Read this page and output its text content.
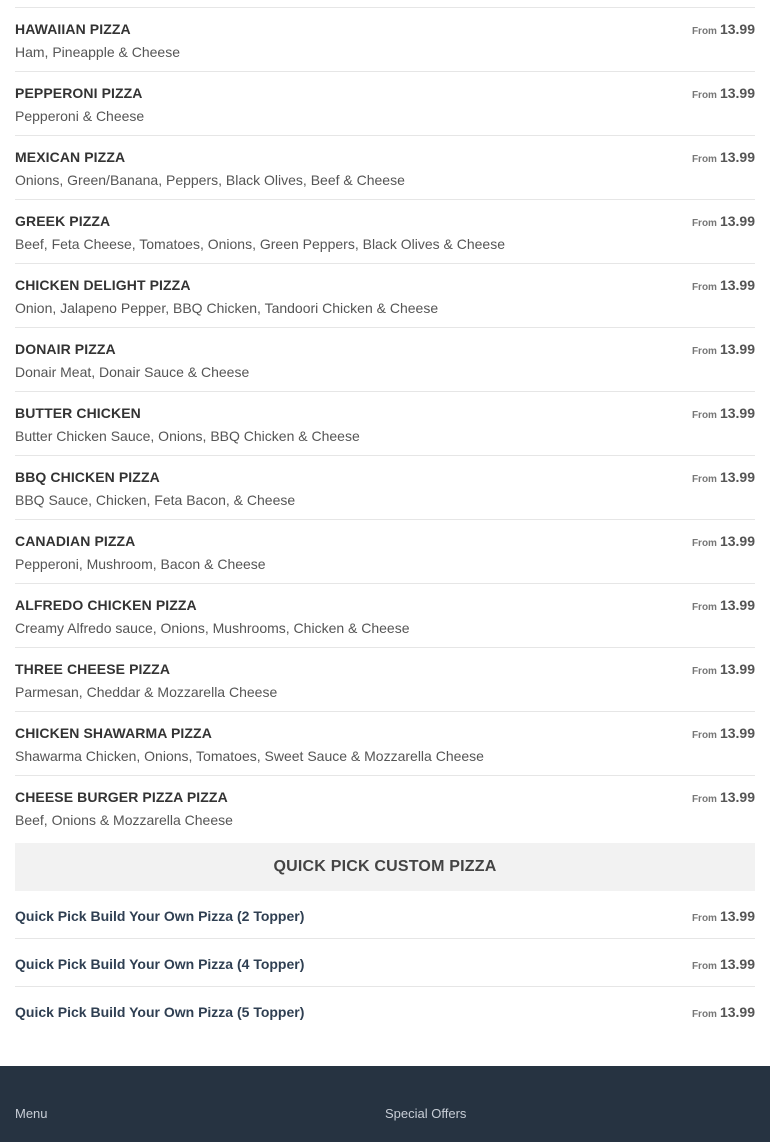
HAWAIIAN PIZZA
Ham, Pineapple & Cheese
From 13.99
PEPPERONI PIZZA
Pepperoni & Cheese
From 13.99
MEXICAN PIZZA
Onions, Green/Banana, Peppers, Black Olives, Beef & Cheese
From 13.99
GREEK PIZZA
Beef, Feta Cheese, Tomatoes, Onions, Green Peppers, Black Olives & Cheese
From 13.99
CHICKEN DELIGHT PIZZA
Onion, Jalapeno Pepper, BBQ Chicken, Tandoori Chicken & Cheese
From 13.99
DONAIR PIZZA
Donair Meat, Donair Sauce & Cheese
From 13.99
BUTTER CHICKEN
Butter Chicken Sauce, Onions, BBQ Chicken & Cheese
From 13.99
BBQ CHICKEN PIZZA
BBQ Sauce, Chicken, Feta Bacon, & Cheese
From 13.99
CANADIAN PIZZA
Pepperoni, Mushroom, Bacon & Cheese
From 13.99
ALFREDO CHICKEN PIZZA
Creamy Alfredo sauce, Onions, Mushrooms, Chicken & Cheese
From 13.99
THREE CHEESE PIZZA
Parmesan, Cheddar & Mozzarella Cheese
From 13.99
CHICKEN SHAWARMA PIZZA
Shawarma Chicken, Onions, Tomatoes, Sweet Sauce & Mozzarella Cheese
From 13.99
CHEESE BURGER PIZZA PIZZA
Beef, Onions & Mozzarella Cheese
From 13.99
QUICK PICK CUSTOM PIZZA
Quick Pick Build Your Own Pizza (2 Topper)	From 13.99
Quick Pick Build Your Own Pizza (4 Topper)	From 13.99
Quick Pick Build Your Own Pizza (5 Topper)	From 13.99
Menu	Special Offers
